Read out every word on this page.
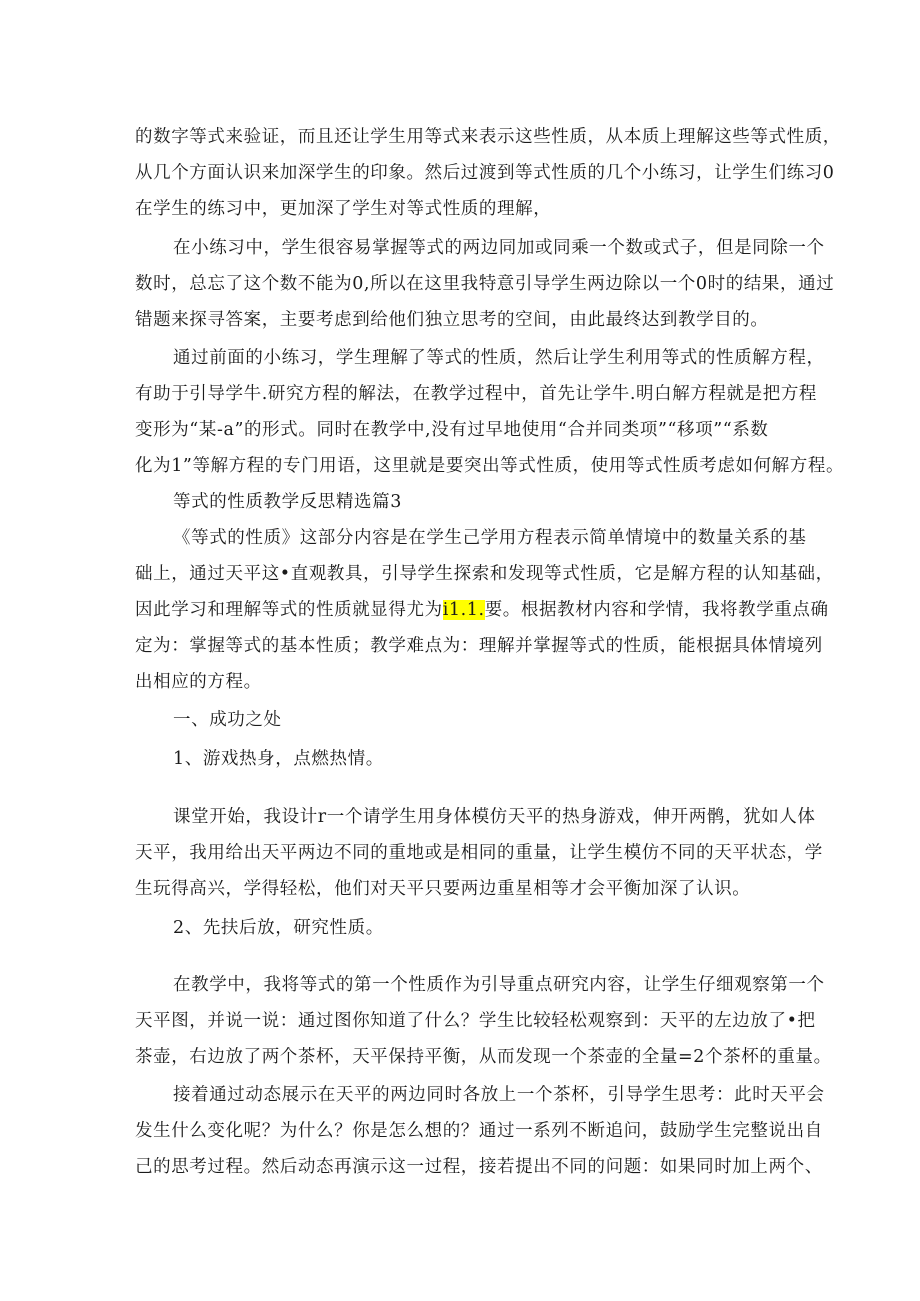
的数字等式来验证，而且还让学生用等式来表示这些性质，从本质上理解这些等式性质，
从几个方面认识来加深学生的印象。然后过渡到等式性质的几个小练习，让学生们练习0
在学生的练习中，更加深了学生对等式性质的理解，
在小练习中，学生很容易掌握等式的两边同加或同乘一个数或式子，但是同除一个
数时，总忘了这个数不能为0,所以在这里我特意引导学生两边除以一个0时的结果，通过
错题来探寻答案，主要考虑到给他们独立思考的空间，由此最终达到教学目的。
通过前面的小练习，学生理解了等式的性质，然后让学生利用等式的性质解方程，
有助于引导学牛.研究方程的解法，在教学过程中，首先让学牛.明白解方程就是把方程
变形为“某-a”的形式。同时在教学中,没有过早地使用“合并同类项”“移项”“系数
化为1”等解方程的专门用语，这里就是要突出等式性质，使用等式性质考虑如何解方程。
等式的性质教学反思精选篇3
《等式的性质》这部分内容是在学生己学用方程表示简单情境中的数量关系的基
础上，通过天平这•直观教具，引导学生探索和发现等式性质，它是解方程的认知基础，
因此学习和理解等式的性质就显得尤为i1.1.要。根据教材内容和学情，我将教学重点确
定为：掌握等式的基本性质；教学难点为：理解并掌握等式的性质，能根据具体情境列
出相应的方程。
一、成功之处
1、游戏热身，点燃热情。
课堂开始，我设计r一个请学生用身体模仿天平的热身游戏，伸开两鹘，犹如人体
天平，我用给出天平两边不同的重地或是相同的重量，让学生模仿不同的天平状态，学
生玩得高兴，学得轻松，他们对天平只要两边重星相等才会平衡加深了认识。
2、先扶后放，研究性质。
在教学中，我将等式的第一个性质作为引导重点研究内容，让学生仔细观察第一个
天平图，并说一说：通过图你知道了什么？学生比较轻松观察到：天平的左边放了•把
茶壶，右边放了两个茶杯，天平保持平衡，从而发现一个茶壶的全量=2个茶杯的重量。
接着通过动态展示在天平的两边同时各放上一个茶杯，引导学生思考：此时天平会
发生什么变化呢？为什么？你是怎么想的？通过一系列不断追问，鼓励学生完整说出自
己的思考过程。然后动态再演示这一过程，接若提出不同的问题：如果同时加上两个、
